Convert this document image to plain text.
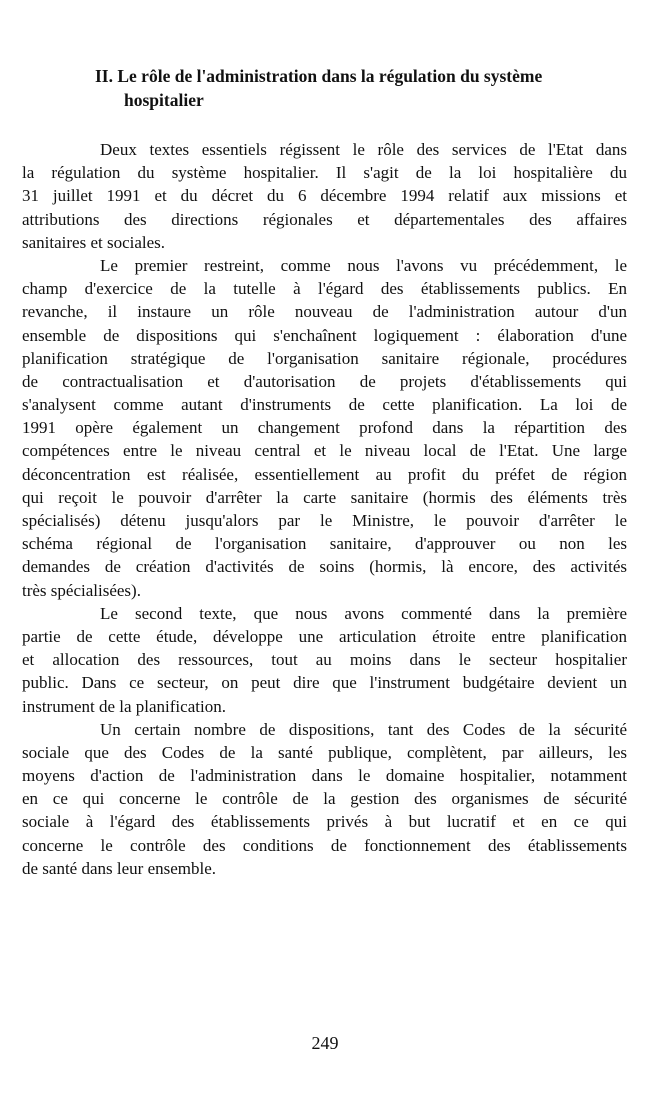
II. Le rôle de l'administration dans la régulation du système
hospitalier
Deux textes essentiels régissent le rôle des services de l'Etat dans
la régulation du système hospitalier. Il s'agit de la loi hospitalière du
31 juillet 1991 et du décret du 6 décembre 1994 relatif aux missions et
attributions des directions régionales et départementales des affaires
sanitaires et sociales.
Le premier restreint, comme nous l'avons vu précédemment, le
champ d'exercice de la tutelle à l'égard des établissements publics. En
revanche, il instaure un rôle nouveau de l'administration autour d'un
ensemble de dispositions qui s'enchaînent logiquement : élaboration d'une
planification stratégique de l'organisation sanitaire régionale, procédures
de contractualisation et d'autorisation de projets d'établissements qui
s'analysent comme autant d'instruments de cette planification. La loi de
1991 opère également un changement profond dans la répartition des
compétences entre le niveau central et le niveau local de l'Etat. Une large
déconcentration est réalisée, essentiellement au profit du préfet de région
qui reçoit le pouvoir d'arrêter la carte sanitaire (hormis des éléments très
spécialisés) détenu jusqu'alors par le Ministre, le pouvoir d'arrêter le
schéma régional de l'organisation sanitaire, d'approuver ou non les
demandes de création d'activités de soins (hormis, là encore, des activités
très spécialisées).
Le second texte, que nous avons commenté dans la première
partie de cette étude, développe une articulation étroite entre planification
et allocation des ressources, tout au moins dans le secteur hospitalier
public. Dans ce secteur, on peut dire que l'instrument budgétaire devient un
instrument de la planification.
Un certain nombre de dispositions, tant des Codes de la sécurité
sociale que des Codes de la santé publique, complètent, par ailleurs, les
moyens d'action de l'administration dans le domaine hospitalier, notamment
en ce qui concerne le contrôle de la gestion des organismes de sécurité
sociale à l'égard des établissements privés à but lucratif et en ce qui
concerne le contrôle des conditions de fonctionnement des établissements
de santé dans leur ensemble.
249
